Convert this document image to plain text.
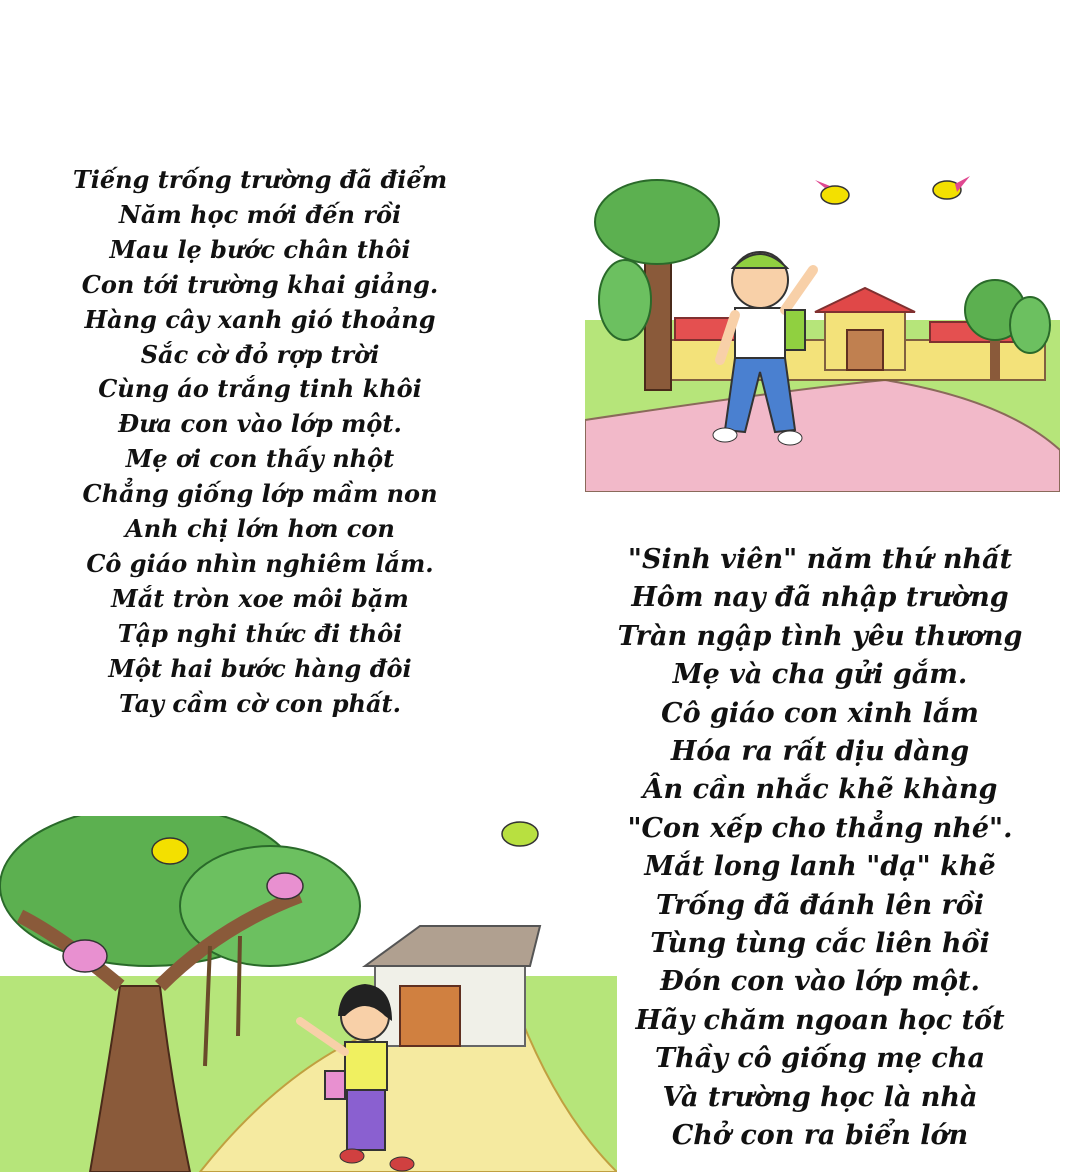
Tiếng trống trường đã điểm
Năm học mới đến rồi
Mau lẹ bước chân thôi
Con tới trường khai giảng.
Hàng cây xanh gió thoảng
Sắc cờ đỏ rợp trời
Cùng áo trắng tinh khôi
Đưa con vào lớp một.
Mẹ ơi con thấy nhột
Chẳng giống lớp mầm non
Anh chị lớn hơn con
Cô giáo nhìn nghiêm lắm.
Mắt tròn xoe môi bặm
Tập nghi thức đi thôi
Một hai bước hàng đôi
Tay cầm cờ con phất.
"Sinh viên" năm thứ nhất
Hôm nay đã nhập trường
Tràn ngập tình yêu thương
Mẹ và cha gửi gắm.
Cô giáo con xinh lắm
Hóa ra rất dịu dàng
Ân cần nhắc khẽ khàng
"Con xếp cho thẳng nhé".
Mắt long lanh "dạ" khẽ
Trống đã đánh lên rồi
Tùng tùng cắc liên hồi
Đón con vào lớp một.
Hãy chăm ngoan học tốt
Thầy cô giống mẹ cha
Và trường học là nhà
Chở con ra biển lớn
